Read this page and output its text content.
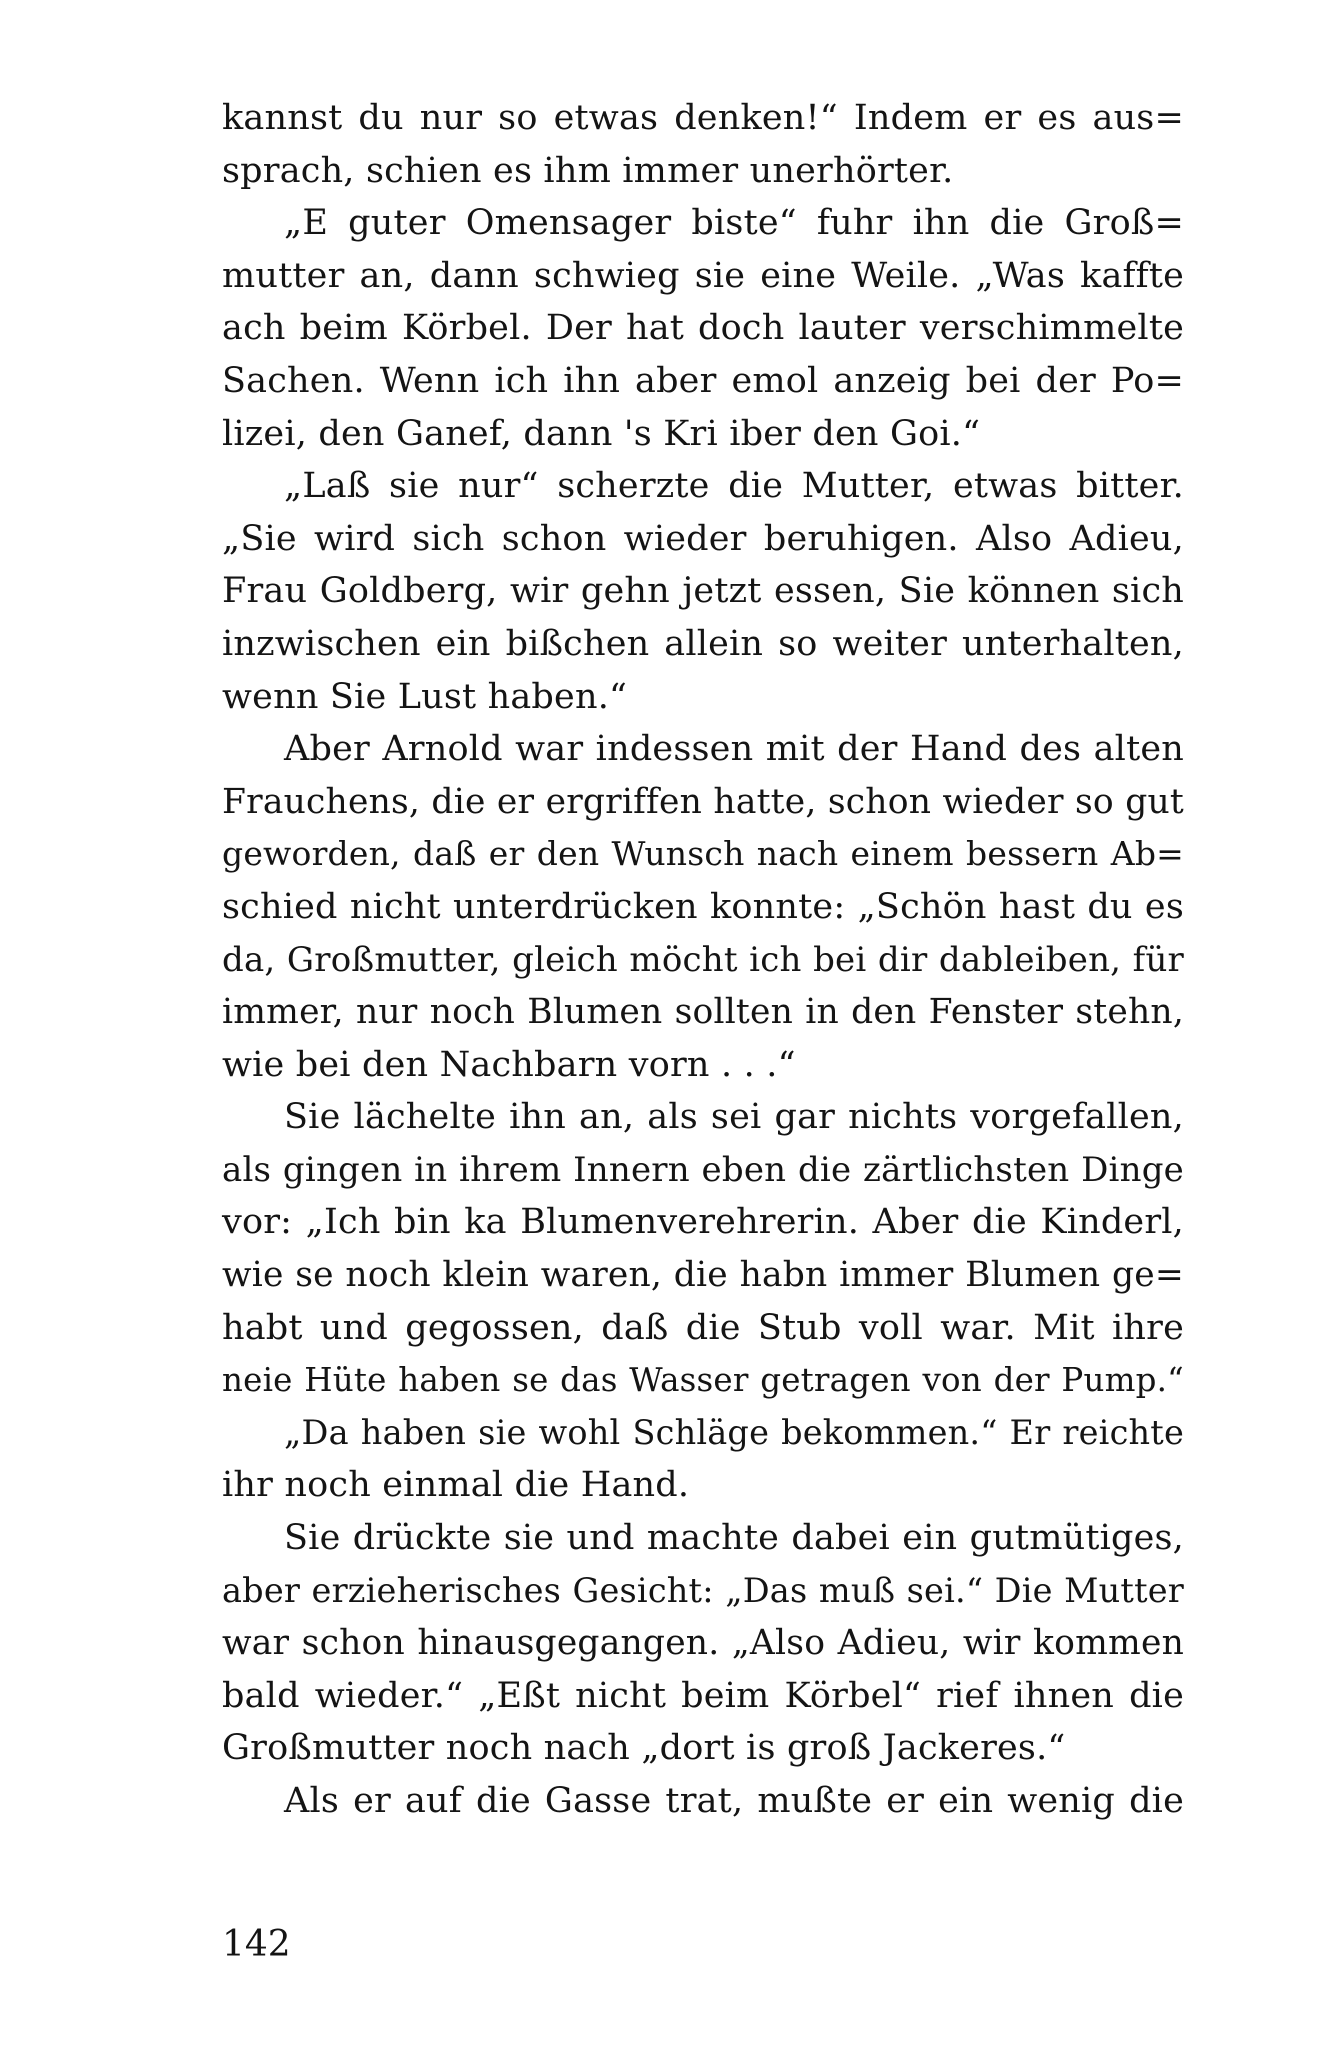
kannst du nur so etwas denken!“ Indem er es aus=
sprach, schien es ihm immer unerhörter.
„E guter Omensager biste“ fuhr ihn die Groß=
mutter an, dann schwieg sie eine Weile. „Was kaffte
ach beim Körbel. Der hat doch lauter verschimmelte
Sachen. Wenn ich ihn aber emol anzeig bei der Po=
lizei, den Ganef, dann 's Kri iber den Goi.“
„Laß sie nur“ scherzte die Mutter, etwas bitter.
„Sie wird sich schon wieder beruhigen. Also Adieu,
Frau Goldberg, wir gehn jetzt essen, Sie können sich
inzwischen ein bißchen allein so weiter unterhalten,
wenn Sie Lust haben.“
Aber Arnold war indessen mit der Hand des alten
Frauchens, die er ergriffen hatte, schon wieder so gut
geworden, daß er den Wunsch nach einem bessern Ab=
schied nicht unterdrücken konnte: „Schön hast du es
da, Großmutter, gleich möcht ich bei dir dableiben, für
immer, nur noch Blumen sollten in den Fenster stehn,
wie bei den Nachbarn vorn . . .“
Sie lächelte ihn an, als sei gar nichts vorgefallen,
als gingen in ihrem Innern eben die zärtlichsten Dinge
vor: „Ich bin ka Blumenverehrerin. Aber die Kinderl,
wie se noch klein waren, die habn immer Blumen ge=
habt und gegossen, daß die Stub voll war. Mit ihre
neie Hüte haben se das Wasser getragen von der Pump.“
„Da haben sie wohl Schläge bekommen.“ Er reichte
ihr noch einmal die Hand.
Sie drückte sie und machte dabei ein gutmütiges,
aber erzieherisches Gesicht: „Das muß sei.“ Die Mutter
war schon hinausgegangen. „Also Adieu, wir kommen
bald wieder.“ „Eßt nicht beim Körbel“ rief ihnen die
Großmutter noch nach „dort is groß Jackeres.“
Als er auf die Gasse trat, mußte er ein wenig die
142
